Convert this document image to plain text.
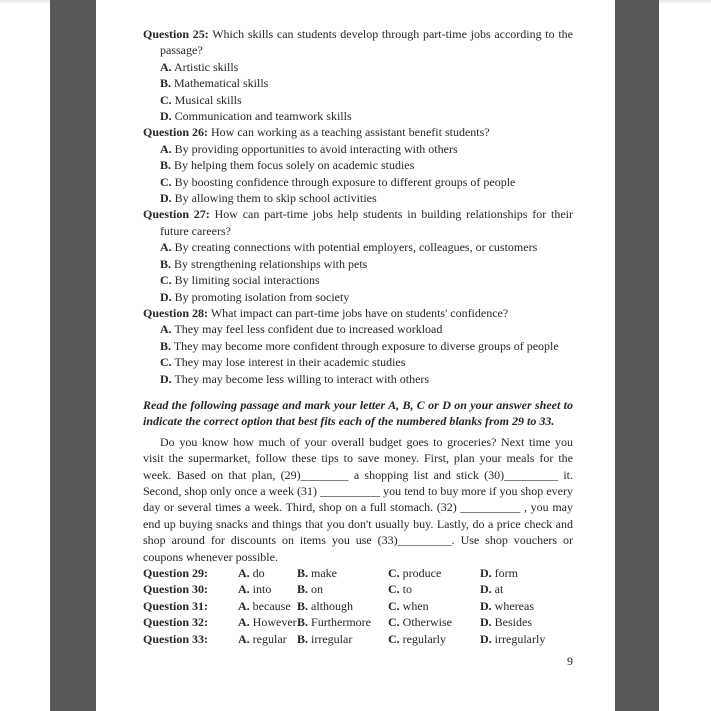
Question 25: Which skills can students develop through part-time jobs according to the passage?

A. Artistic skills

B. Mathematical skills

C. Musical skills

D. Communication and teamwork skills

Question 26: How can working as a teaching assistant benefit students?

A. By providing opportunities to avoid interacting with others

B. By helping them focus solely on academic studies

C. By boosting confidence through exposure to different groups of people

D. By allowing them to skip school activities

Question 27: How can part-time jobs help students in building relationships for their future careers?

A. By creating connections with potential employers, colleagues, or customers

B. By strengthening relationships with pets

C. By limiting social interactions

D. By promoting isolation from society

Question 28: What impact can part-time jobs have on students' confidence?

A. They may feel less confident due to increased workload

B. They may become more confident through exposure to diverse groups of people

C. They may lose interest in their academic studies

D. They may become less willing to interact with others

Read the following passage and mark your letter A, B, C or D on your answer sheet to indicate the correct option that best fits each of the numbered blanks from 29 to 33.

Do you know how much of your overall budget goes to groceries? Next time you visit the supermarket, follow these tips to save money. First, plan your meals for the week. Based on that plan, (29)________ a shopping list and stick (30)_________ it. Second, shop only once a week (31) __________ you tend to buy more if you shop every day or several times a week. Third, shop on a full stomach. (32) __________ , you may end up buying snacks and things that you don't usually buy. Lastly, do a price check and shop around for discounts on items you use (33)_________. Use shop vouchers or coupons whenever possible.

Question 29:	A. do	B. make	C. produce	D. form
Question 30:	A. into	B. on	C. to	D. at
Question 31:	A. because B. although	C. when	D. whereas
Question 32:	A. However B. Furthermore	C. Otherwise	D. Besides
Question 33:	A. regular B. irregular	C. regularly	D. irregularly

9
